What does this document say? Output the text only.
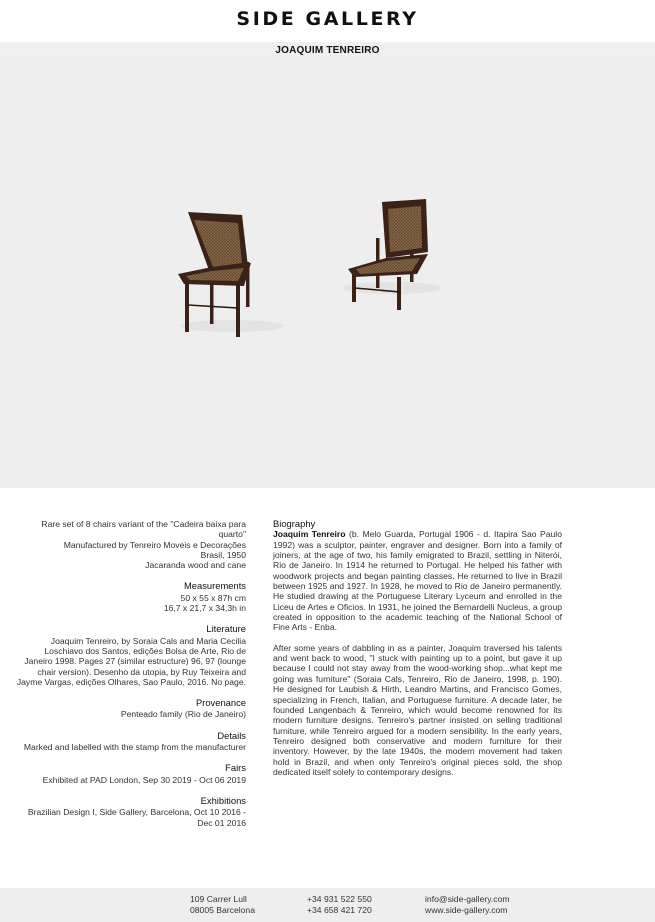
SIDE GALLERY
JOAQUIM TENREIRO

Rare set of 8 chairs variant of the "Cadeira baixa para quarto"

Manufactured by Tenreiro Moveis e Decorações

Brasil, 1950

Jacaranda wood and cane

Measurements

50 x 55 x 87h cm

16,7 x 21,7 x 34,3h in

Literature

Joaquim Tenreiro, by Soraia Cals and Maria Cecilia Loschiavo dos Santos, edições Bolsa de Arte, Rio de Janeiro 1998. Pages 27 (similar estructure) 96, 97 (lounge chair version). Desenho da utopia, by Ruy Teixeira and Jayme Vargas, edições Olhares, Sao Paulo, 2016. No page.

Provenance

Penteado family (Rio de Janeiro)

Details

Marked and labelled with the stamp from the manufacturer

Fairs

Exhibited at PAD London, Sep 30 2019 - Oct 06 2019

Exhibitions

Brazilian Design I, Side Gallery, Barcelona, Oct 10 2016 - Dec 01 2016

Biography

Joaquim Tenreiro (b. Melo Guarda, Portugal 1906 - d. Itapira Sao Paulo 1992) was a sculptor, painter, engraver and designer. Born into a family of joiners, at the age of two, his family emigrated to Brazil, settling in Niterói, Rio de Janeiro. In 1914 he returned to Portugal. He helped his father with woodwork projects and began painting classes. He returned to live in Brazil between 1925 and 1927. In 1928, he moved to Rio de Janeiro permanently. He studied drawing at the Portuguese Literary Lyceum and enrolled in the Liceu de Artes e Oficios. In 1931, he joined the Bernardelli Nucleus, a group created in opposition to the academic teaching of the National School of Fine Arts - Enba.

After some years of dabbling in as a painter, Joaquim traversed his talents and went back to wood, "I stuck with painting up to a point, but gave it up because I could not stay away from the wood-working shop...what kept me going was furniture" (Soraia Cals, Tenreiro, Rio de Janeiro, 1998, p. 190). He designed for Laubish & Hirth, Leandro Martins, and Francisco Gomes, specializing in French, Italian, and Portuguese furniture. A decade later, he founded Langenbach & Tenreiro, which would become renowned for its modern furniture designs. Tenreiro's partner insisted on selling traditional furniture, while Tenreiro argued for a modern sensibility. In the early years, Tenreiro designed both conservative and modern furniture for their inventory. However, by the late 1940s, the modern movement had taken hold in Brazil, and when only Tenreiro's original pieces sold, the shop dedicated itself solely to contemporary designs.

109 Carrer Lull
08005 Barcelona
+34 931 522 550
+34 658 421 720
info@side-gallery.com
www.side-gallery.com
